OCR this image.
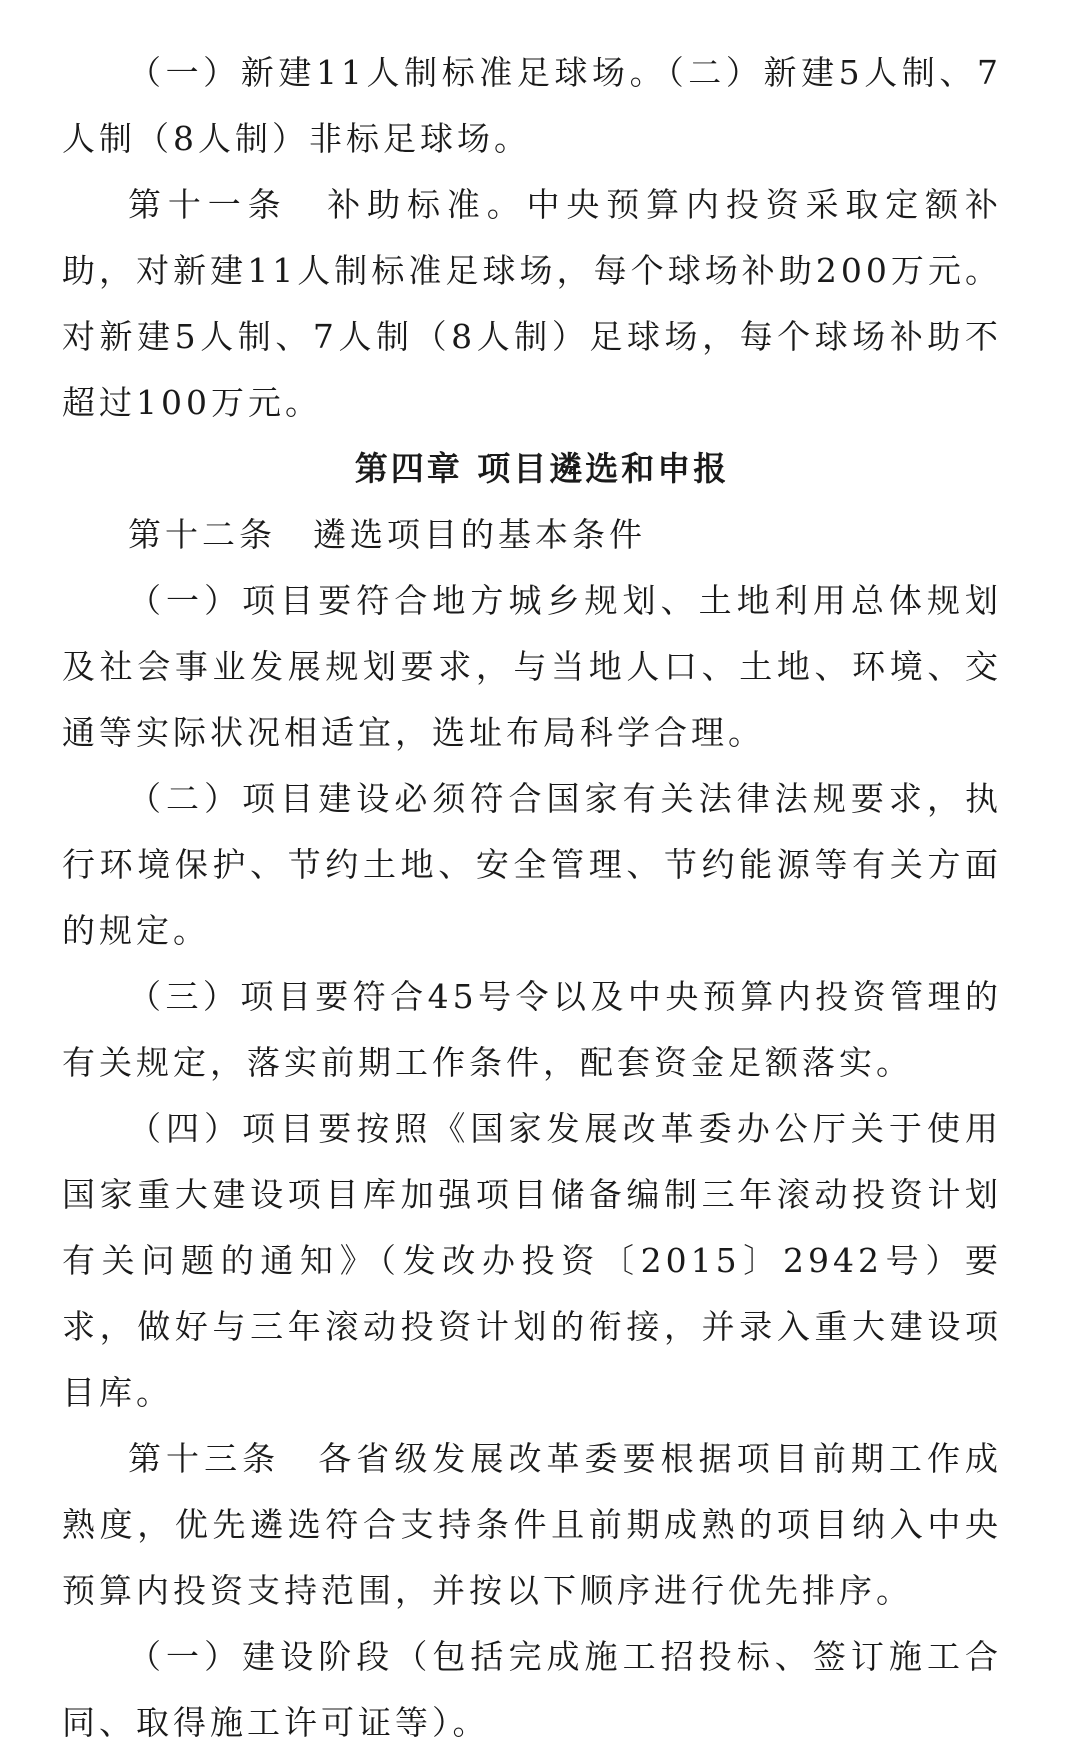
（一）新建11人制标准足球场。（二）新建5人制、7人制（8人制）非标足球场。

第十一条　补助标准。中央预算内投资采取定额补助，对新建11人制标准足球场，每个球场补助200万元。对新建5人制、7人制（8人制）足球场，每个球场补助不超过100万元。

第四章 项目遴选和申报

第十二条　遴选项目的基本条件

（一）项目要符合地方城乡规划、土地利用总体规划及社会事业发展规划要求，与当地人口、土地、环境、交通等实际状况相适宜，选址布局科学合理。

（二）项目建设必须符合国家有关法律法规要求，执行环境保护、节约土地、安全管理、节约能源等有关方面的规定。

（三）项目要符合45号令以及中央预算内投资管理的有关规定，落实前期工作条件，配套资金足额落实。

（四）项目要按照《国家发展改革委办公厅关于使用国家重大建设项目库加强项目储备编制三年滚动投资计划有关问题的通知》（发改办投资〔2015〕2942号）要求，做好与三年滚动投资计划的衔接，并录入重大建设项目库。

第十三条　各省级发展改革委要根据项目前期工作成熟度，优先遴选符合支持条件且前期成熟的项目纳入中央预算内投资支持范围，并按以下顺序进行优先排序。

（一）建设阶段（包括完成施工招投标、签订施工合同、取得施工许可证等）。
